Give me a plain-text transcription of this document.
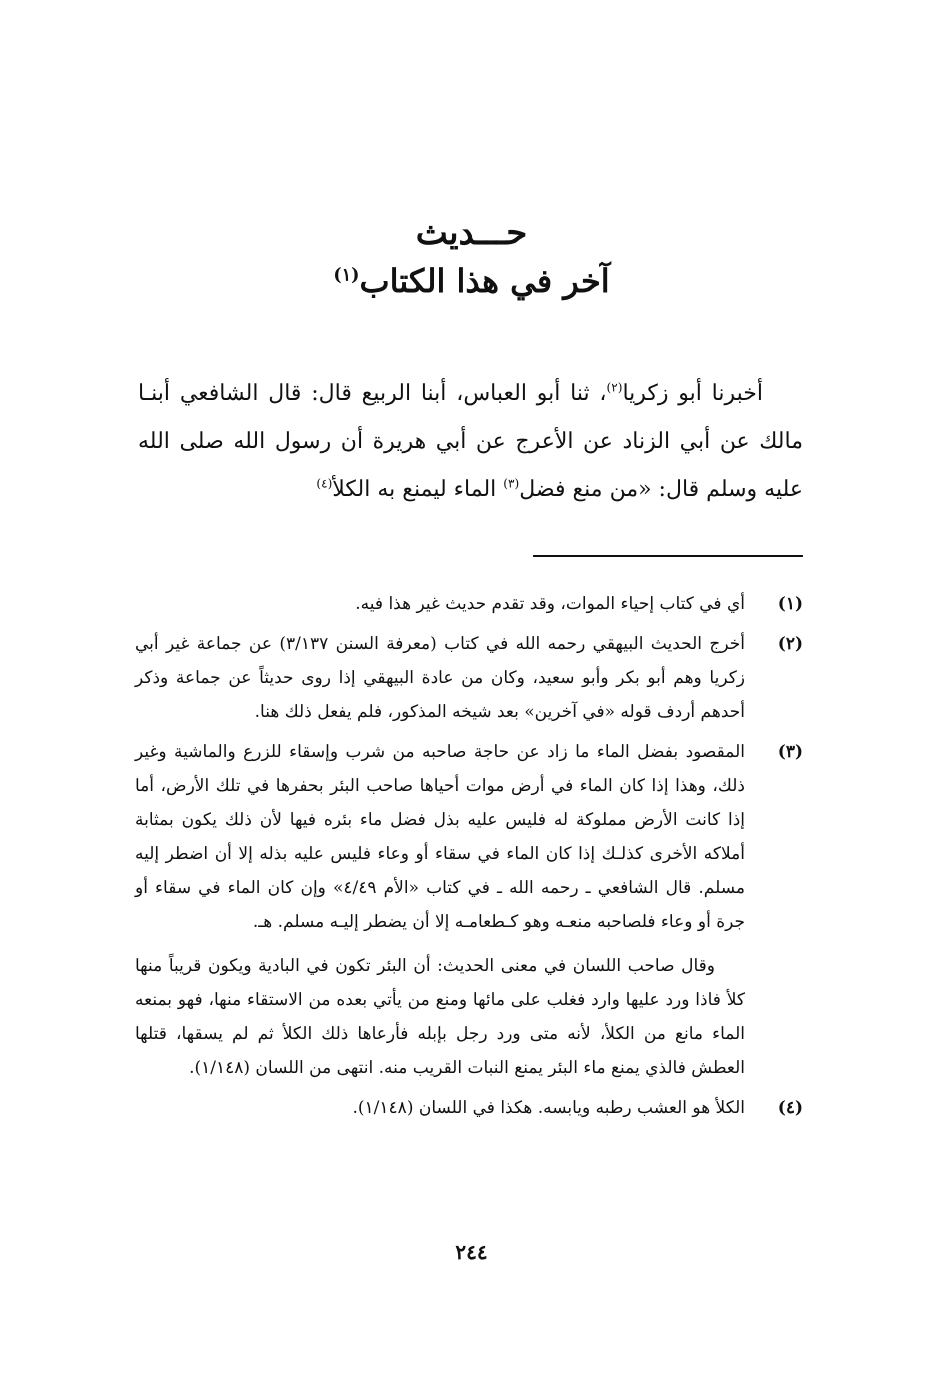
حـــديث
آخر في هذا الكتاب$^{(١)}$

أخبرنا أبو زكريا$^{(٢)}$، ثنا أبو العباس، أبنا الربيع قال: قال الشافعي أبنـا مالك عن أبي الزناد عن الأعرج عن أبي هريرة أن رسول الله صلى الله عليه وسلم قال: «من منع فضل$^{(٣)}$ الماء ليمنع به الكلأ$^{(٤)}$

(١)

أي في كتاب إحياء الموات، وقد تقدم حديث غير هذا فيه.

(٢)

أخرج الحديث البيهقي رحمه الله في كتاب (معرفة السنن ٣/١٣٧) عن جماعة غير أبي زكريا وهم أبو بكر وأبو سعيد، وكان من عادة البيهقي إذا روى حديثاً عن جماعة وذكر أحدهم أردف قوله «في آخرين» بعد شيخه المذكور، فلم يفعل ذلك هنا.

(٣)

المقصود بفضل الماء ما زاد عن حاجة صاحبه من شرب وإسقاء للزرع والماشية وغير ذلك، وهذا إذا كان الماء في أرض موات أحياها صاحب البئر بحفرها في تلك الأرض، أما إذا كانت الأرض مملوكة له فليس عليه بذل فضل ماء بئره فيها لأن ذلك يكون بمثابة أملاكه الأخرى كذلـك إذا كان الماء في سقاء أو وعاء فليس عليه بذله إلا أن اضطر إليه مسلم. قال الشافعي ـ رحمه الله ـ في كتاب «الأم ٤/٤٩» وإن كان الماء في سقاء أو جرة أو وعاء فلصاحبه منعـه وهو كـطعامـه إلا أن يضطر إليـه مسلم. هـ.

وقال صاحب اللسان في معنى الحديث: أن البئر تكون في البادية ويكون قريباً منها كلأ فاذا ورد عليها وارد فغلب على مائها ومنع من يأتي بعده من الاستقاء منها، فهو بمنعه الماء مانع من الكلأ، لأنه متى ورد رجل بإبله فأرعاها ذلك الكلأ ثم لم يسقها، قتلها العطش فالذي يمنع ماء البئر يمنع النبات القريب منه. انتهى من اللسان (١/١٤٨).

(٤)

الكلأ هو العشب رطبه ويابسه. هكذا في اللسان (١/١٤٨).

٢٤٤
